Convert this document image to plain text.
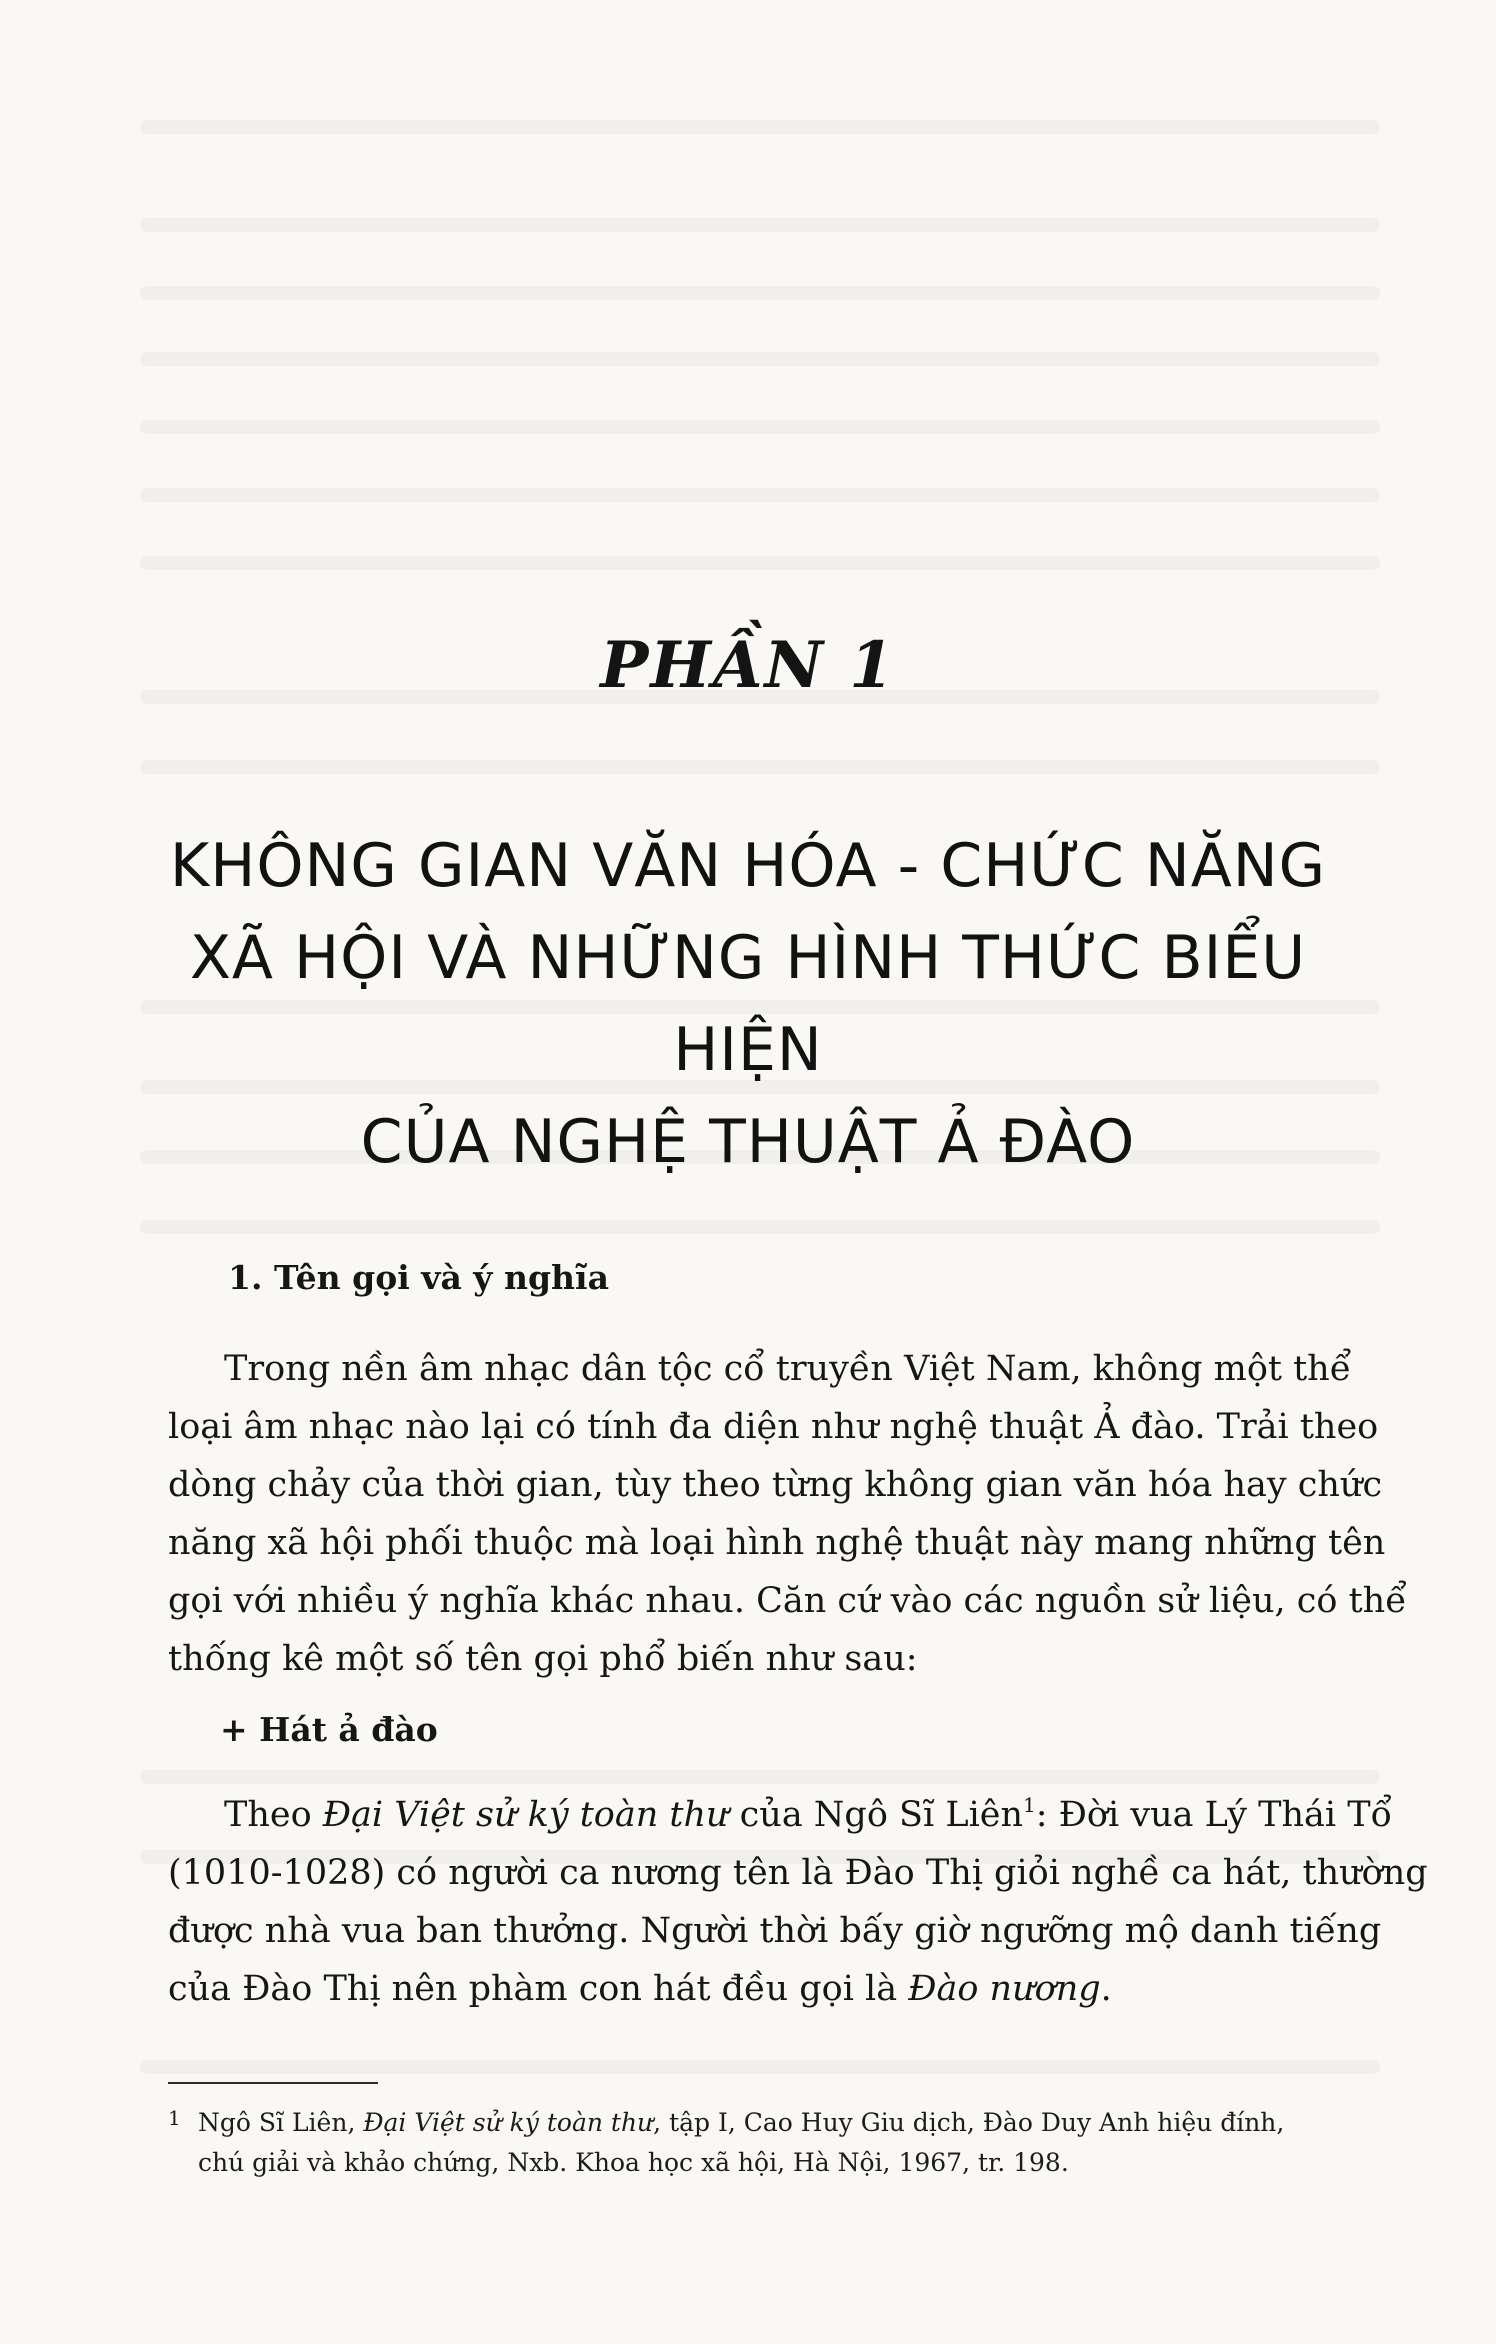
PHẦN 1
KHÔNG GIAN VĂN HÓA - CHỨC NĂNG
XÃ HỘI VÀ NHỮNG HÌNH THỨC BIỂU HIỆN
CỦA NGHỆ THUẬT Ả ĐÀO
1. Tên gọi và ý nghĩa
Trong nền âm nhạc dân tộc cổ truyền Việt Nam, không một thể
loại âm nhạc nào lại có tính đa diện như nghệ thuật Ả đào. Trải theo
dòng chảy của thời gian, tùy theo từng không gian văn hóa hay chức
năng xã hội phối thuộc mà loại hình nghệ thuật này mang những tên
gọi với nhiều ý nghĩa khác nhau. Căn cứ vào các nguồn sử liệu, có thể
thống kê một số tên gọi phổ biến như sau:
+ Hát ả đào
Theo Đại Việt sử ký toàn thư của Ngô Sĩ Liên$^1$: Đời vua Lý Thái Tổ
(1010-1028) có người ca nương tên là Đào Thị giỏi nghề ca hát, thường
được nhà vua ban thưởng. Người thời bấy giờ ngưỡng mộ danh tiếng
của Đào Thị nên phàm con hát đều gọi là Đào nương.
1 Ngô Sĩ Liên, Đại Việt sử ký toàn thư, tập I, Cao Huy Giu dịch, Đào Duy Anh hiệu đính,
chú giải và khảo chứng, Nxb. Khoa học xã hội, Hà Nội, 1967, tr. 198.
